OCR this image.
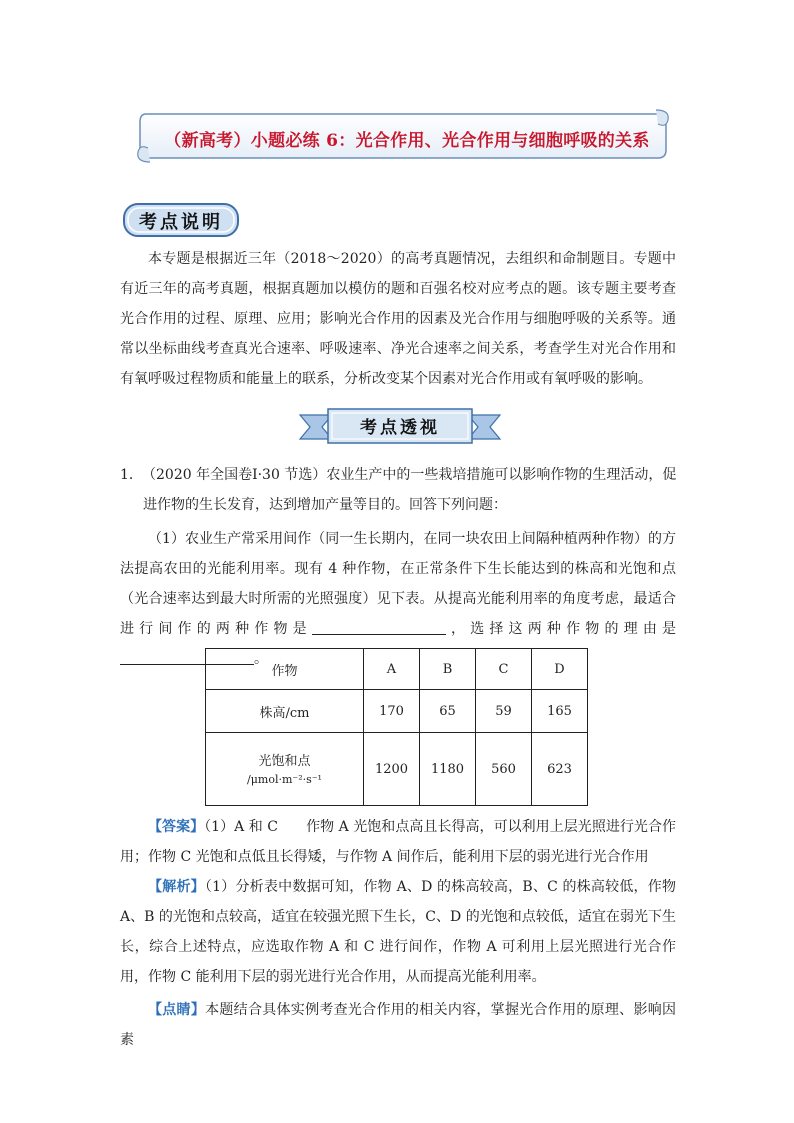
（新高考）小题必练 6：光合作用、光合作用与细胞呼吸的关系
考点说明
本专题是根据近三年（2018～2020）的高考真题情况，去组织和命制题目。专题中有近三年的高考真题，根据真题加以模仿的题和百强名校对应考点的题。该专题主要考查光合作用的过程、原理、应用；影响光合作用的因素及光合作用与细胞呼吸的关系等。通常以坐标曲线考查真光合速率、呼吸速率、净光合速率之间关系，考查学生对光合作用和有氧呼吸过程物质和能量上的联系，分析改变某个因素对光合作用或有氧呼吸的影响。
考点透视
1．（2020 年全国卷Ⅰ·30 节选）农业生产中的一些栽培措施可以影响作物的生理活动，促
进作物的生长发育，达到增加产量等目的。回答下列问题：
（1）农业生产常采用间作（同一生长期内，在同一块农田上间隔种植两种作物）的方法提高农田的光能利用率。现有 4 种作物，在正常条件下生长能达到的株高和光饱和点（光合速率达到最大时所需的光照强度）见下表。从提高光能利用率的角度考虑，最适合进行间作的两种作物是	，选择这两种作物的理由是。
作物	A	B	C	D
株高/cm	170	65	59	165

光饱和点
/μmol·m⁻²·s⁻¹	1200	1180	560	623
【答案】（1）A 和 C　　作物 A 光饱和点高且长得高，可以利用上层光照进行光合作用；作物 C 光饱和点低且长得矮，与作物 A 间作后，能利用下层的弱光进行光合作用
【解析】（1）分析表中数据可知，作物 A、D 的株高较高，B、C 的株高较低，作物 A、B 的光饱和点较高，适宜在较强光照下生长，C、D 的光饱和点较低，适宜在弱光下生长，综合上述特点，应选取作物 A 和 C 进行间作，作物 A 可利用上层光照进行光合作用，作物 C 能利用下层的弱光进行光合作用，从而提高光能利用率。
【点睛】本题结合具体实例考查光合作用的相关内容，掌握光合作用的原理、影响因素
